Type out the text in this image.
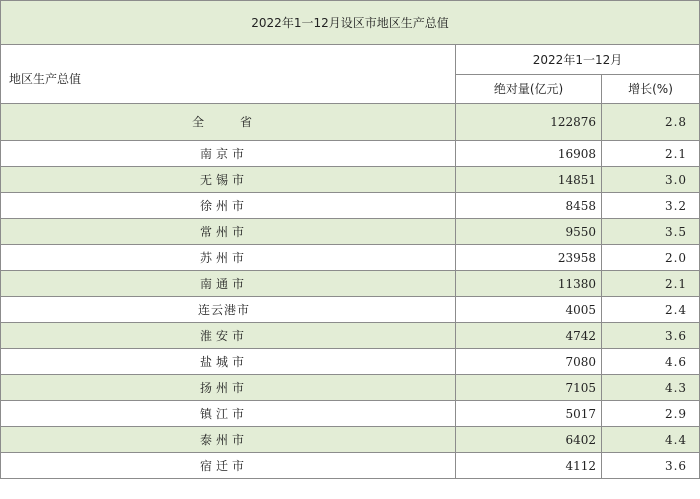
2022年1一12月设区市地区生产总值		
地区生产总值	2022年1一12月	
	绝对量(亿元)	增长(%)
全　　省	122876	2.8
南京市	16908	2.1
无锡市	14851	3.0
徐州市	8458	3.2
常州市	9550	3.5
苏州市	23958	2.0
南通市	11380	2.1
连云港市	4005	2.4
淮安市	4742	3.6
盐城市	7080	4.6
扬州市	7105	4.3
镇江市	5017	2.9
泰州市	6402	4.4
宿迁市	4112	3.6
